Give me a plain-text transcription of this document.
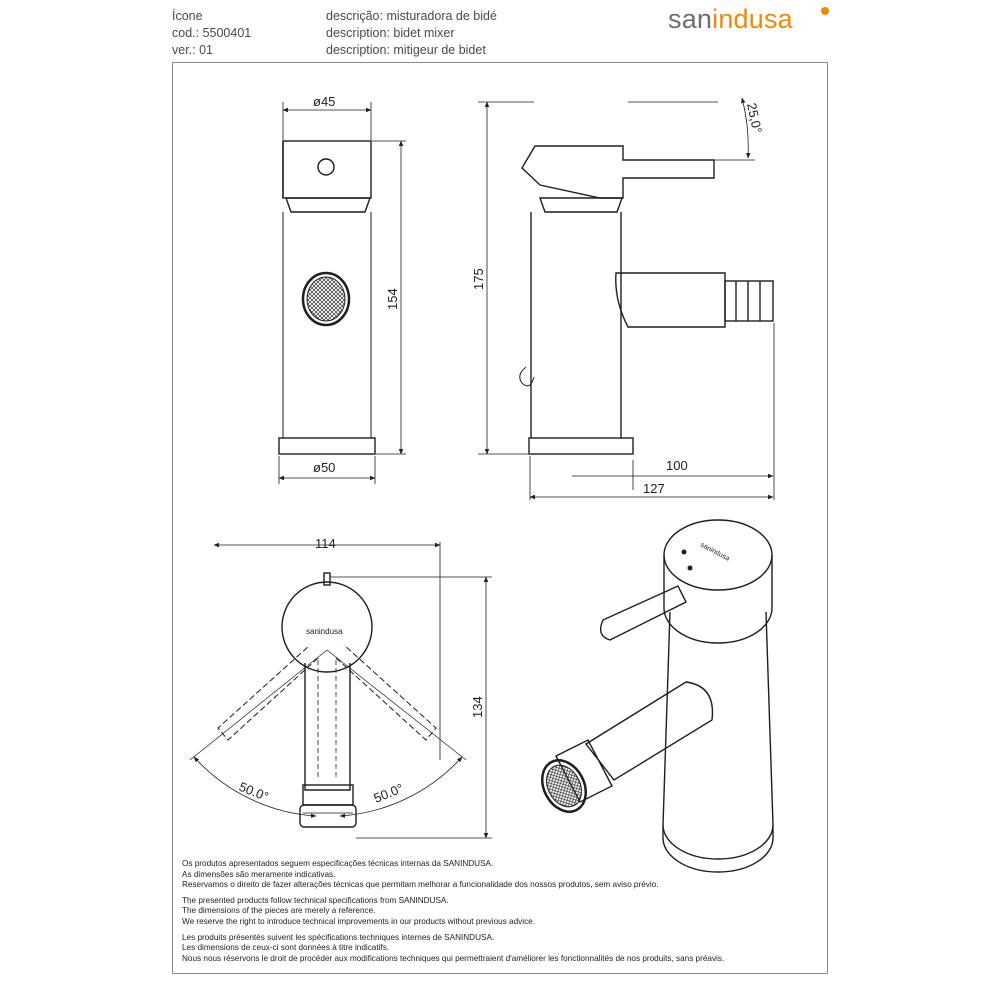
Ícone
cod.: 5500401
ver.: 01
descrição: misturadora de bidé
description: bidet mixer
description: mitigeur de bidet
sanindusa
ø45
ø50
154
175
25,0°
100
127
114
134
50.0°	50.0°
sanindusa
sanindusa

Os produtos apresentados seguem especificações técnicas internas da SANINDUSA.
As dimensões são meramente indicativas.
Reservamos o direito de fazer alterações técnicas que permitam melhorar a funcionalidade dos nossos produtos, sem aviso prévio.

The presented products follow technical specifications from SANINDUSA.
The dimensions of the pieces are merely a reference.
We reserve the right to introduce technical improvements in our products without previous advice.

Les produits présentés suivent les spécifications techniques internes de SANINDUSA.
Les dimensions de ceux-ci sont données à titre indicatifs.
Nous nous réservons le droit de procéder aux modifications techniques qui permettraient d'améliorer les fonctionnalités de nos produits, sans préavis.
